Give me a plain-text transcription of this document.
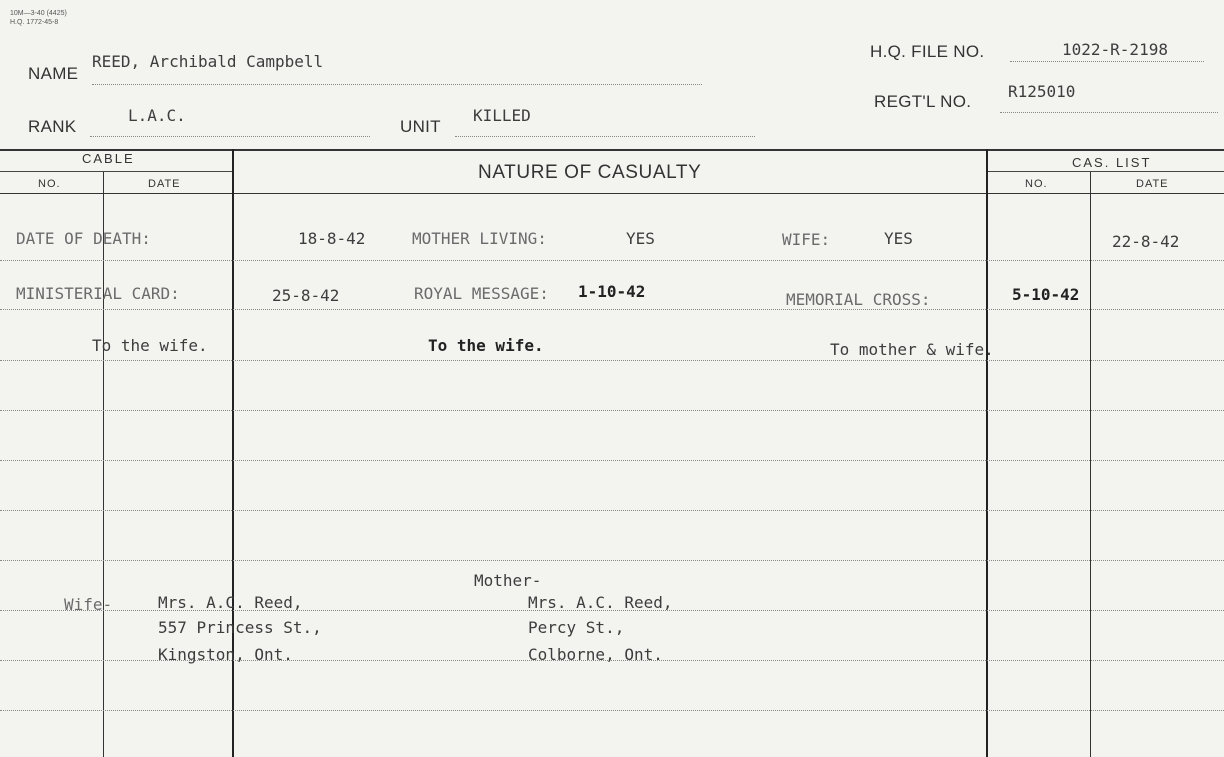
10M—3-40 (4425)
H.Q. 1772-45-8
NAME
REED, Archibald Campbell
RANK
L.A.C.
UNIT
KILLED
H.Q. FILE NO.	1022-R-2198
REGT'L NO.
R125010
CABLE
NO.	DATE
NATURE OF CASUALTY	CAS. LIST
NO.	DATE
DATE OF DEATH:	18-8-42	MOTHER LIVING:	YES	WIFE:	YES	22-8-42
MINISTERIAL CARD:	25-8-42	ROYAL MESSAGE: 1-10-42	MEMORIAL CROSS:	5-10-42
To the wife.	To the wife.	To mother & wife.
Wife-	Mrs. A.C. Reed,
557 Princess St.,
Kingston, Ont.
Mother-
Mrs. A.C. Reed,
Percy St.,
Colborne, Ont.
